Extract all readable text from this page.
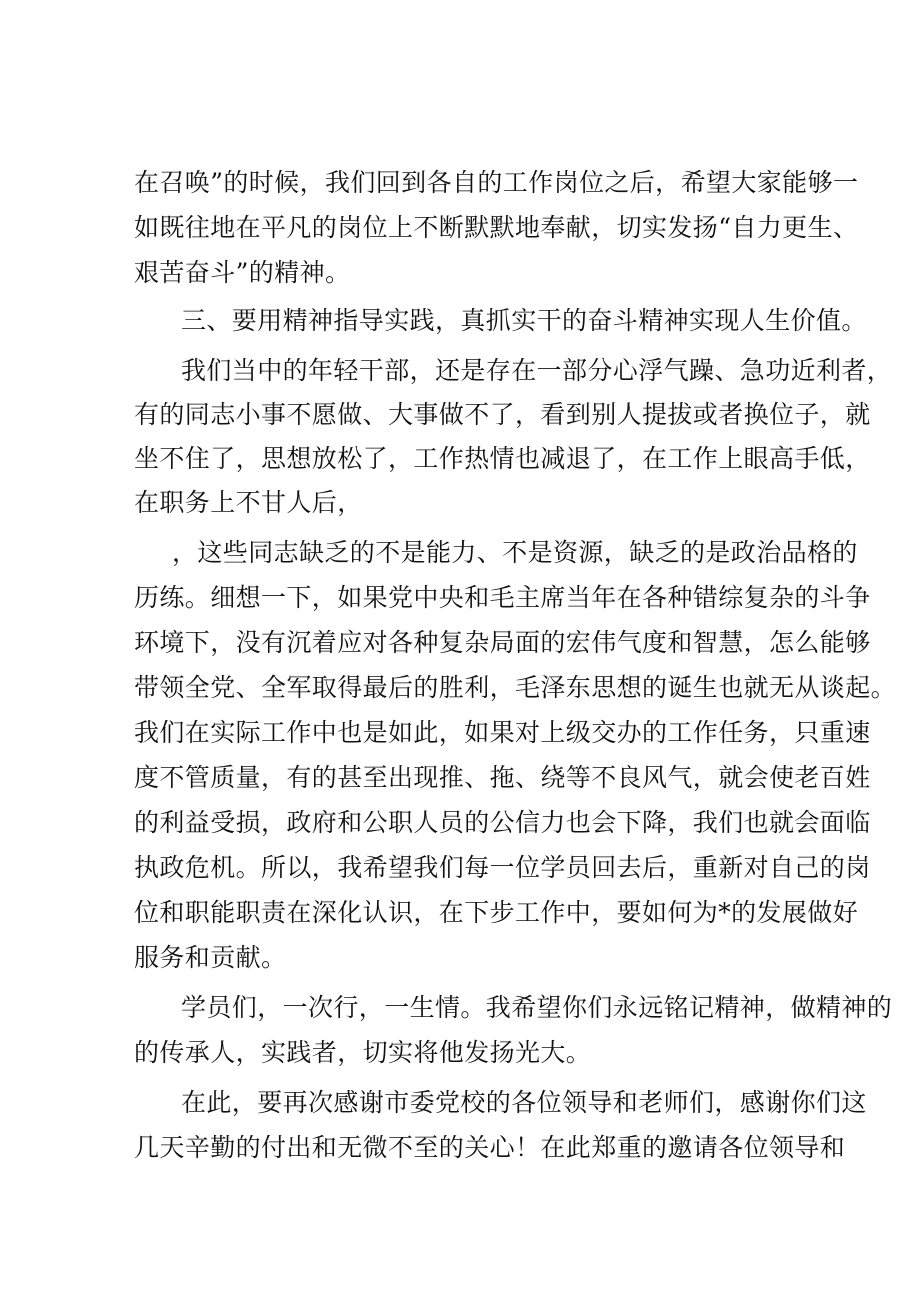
在召唤”的时候，我们回到各自的工作岗位之后，希望大家能够一
如既往地在平凡的岗位上不断默默地奉献，切实发扬“自力更生、
艰苦奋斗”的精神。
三、要用精神指导实践，真抓实干的奋斗精神实现人生价值。
我们当中的年轻干部，还是存在一部分心浮气躁、急功近利者，
有的同志小事不愿做、大事做不了，看到别人提拔或者换位子，就
坐不住了，思想放松了，工作热情也减退了，在工作上眼高手低，
在职务上不甘人后，
，这些同志缺乏的不是能力、不是资源，缺乏的是政治品格的
历练。细想一下，如果党中央和毛主席当年在各种错综复杂的斗争
环境下，没有沉着应对各种复杂局面的宏伟气度和智慧，怎么能够
带领全党、全军取得最后的胜利，毛泽东思想的诞生也就无从谈起。
我们在实际工作中也是如此，如果对上级交办的工作任务，只重速
度不管质量，有的甚至出现推、拖、绕等不良风气，就会使老百姓
的利益受损，政府和公职人员的公信力也会下降，我们也就会面临
执政危机。所以，我希望我们每一位学员回去后，重新对自己的岗
位和职能职责在深化认识，在下步工作中，要如何为*的发展做好
服务和贡献。
学员们，一次行，一生情。我希望你们永远铭记精神，做精神的
的传承人，实践者，切实将他发扬光大。
在此，要再次感谢市委党校的各位领导和老师们，感谢你们这
几天辛勤的付出和无微不至的关心！在此郑重的邀请各位领导和
